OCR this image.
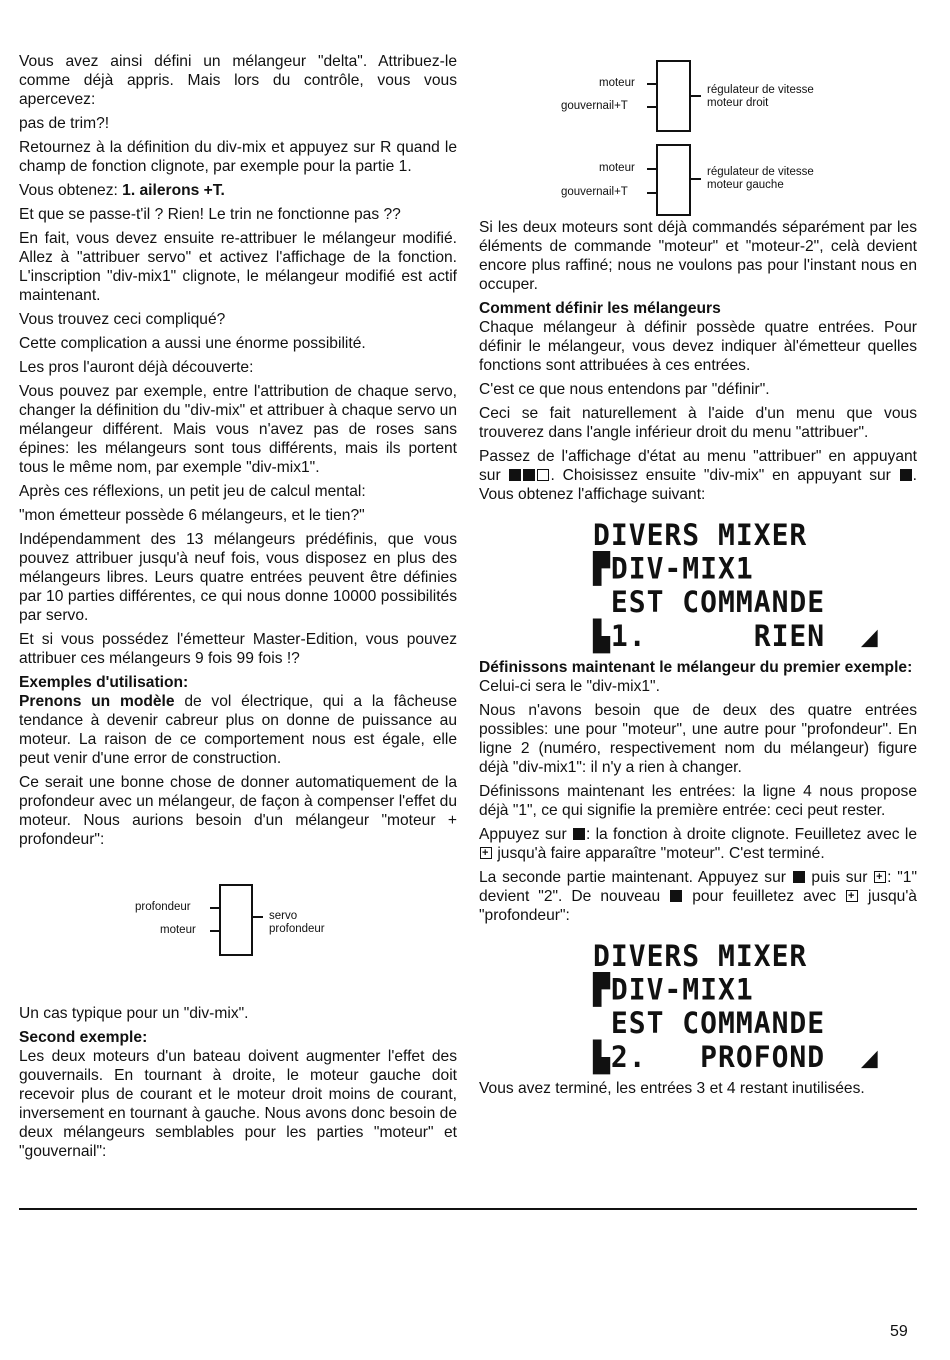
Vous avez ainsi défini un mélangeur "delta". Attribuez-le comme déjà appris. Mais lors du contrôle, vous vous apercevez:

pas de trim?!

Retournez à la définition du div-mix et appuyez sur R quand le champ de fonction clignote, par exemple pour la partie 1.

Vous obtenez: 1. ailerons +T.

Et que se passe-t'il ? Rien! Le trin ne fonctionne pas ??

En fait, vous devez ensuite re-attribuer le mélangeur modifié. Allez à "attribuer servo" et activez l'affichage de la fonction. L'inscription "div-mix1" clignote, le mélangeur modifié est actif maintenant.

Vous trouvez ceci compliqué?

Cette complication a aussi une énorme possibilité.

Les pros l'auront déjà découverte:

Vous pouvez par exemple, entre l'attribution de chaque servo, changer la définition du "div-mix" et attribuer à chaque servo un mélangeur différent. Mais vous n'avez pas de roses sans épines: les mélangeurs sont tous différents, mais ils portent tous le même nom, par exemple "div-mix1".

Après ces réflexions, un petit jeu de calcul mental:

"mon émetteur possède 6 mélangeurs, et le tien?"

Indépendamment des 13 mélangeurs prédéfinis, que vous pouvez attribuer jusqu'à neuf fois, vous disposez en plus des mélangeurs libres. Leurs quatre entrées peuvent être définies par 10 parties différentes, ce qui nous donne 10000 possibilités par servo.

Et si vous possédez l'émetteur Master-Edition, vous pouvez attribuer ces mélangeurs 9 fois 99 fois !?

Exemples d'utilisation:

Prenons un modèle de vol électrique, qui a la fâcheuse tendance à devenir cabreur plus on donne de puissance au moteur. La raison de ce comportement nous est égale, elle peut venir d'une error de construction.

Ce serait une bonne chose de donner automatiquement de la profondeur avec un mélangeur, de façon à compenser l'effet du moteur. Nous aurions besoin d'un mélangeur "moteur + profondeur":

profondeur
moteur
servo
profondeur

Un cas typique pour un "div-mix".

Second exemple:

Les deux moteurs d'un bateau doivent augmenter l'effet des gouvernails. En tournant à droite, le moteur gauche doit recevoir plus de courant et le moteur droit moins de courant, inversement en tournant à gauche. Nous avons donc besoin de deux mélangeurs semblables pour les parties "moteur" et "gouvernail":

moteur
gouvernail+T
régulateur de vitesse
moteur droit
moteur
gouvernail+T
régulateur de vitesse
moteur gauche

Si les deux moteurs sont déjà commandés séparément par les éléments de commande "moteur" et "moteur-2", celà devient encore plus raffiné; nous ne voulons pas pour l'instant nous en occuper.

Comment définir les mélangeurs

Chaque mélangeur à définir possède quatre entrées. Pour définir le mélangeur, vous devez indiquer àl'émetteur quelles fonctions sont attribuées à ces entrées.

C'est ce que nous entendons par "définir".

Ceci se fait naturellement à l'aide d'un menu que vous trouverez dans l'angle inférieur droit du menu "attribuer".

Passez de l'affichage d'état au menu "attribuer" en appuyant sur	. Choisissez ensuite "div-mix" en appuyant sur . Vous obtenez l'affichage suivant:

DIVERS MIXER
▛DIV-MIX1
EST COMMANDE
▙1.      RIEN  ◢

Définissons maintenant le mélangeur du premier exemple:

Celui-ci sera le "div-mix1".

Nous n'avons besoin que de deux des quatre entrées possibles: une pour "moteur", une autre pour "profondeur". En ligne 2 (numéro, respectivement nom du mélangeur) figure déjà "div-mix1": il n'y a rien à changer.

Définissons maintenant les entrées: la ligne 4 nous propose déjà "1", ce qui signifie la première entrée: ceci peut rester.

Appuyez sur : la fonction à droite clignote. Feuilletez avec le + jusqu'à faire apparaître "moteur". C'est terminé.

La seconde partie maintenant. Appuyez sur  puis sur +: "1" devient "2". De nouveau  pour feuilletez avec + jusqu'à "profondeur":

DIVERS MIXER
▛DIV-MIX1
EST COMMANDE
▙2.   PROFOND  ◢

Vous avez terminé, les entrées 3 et 4 restant inutilisées.

59
